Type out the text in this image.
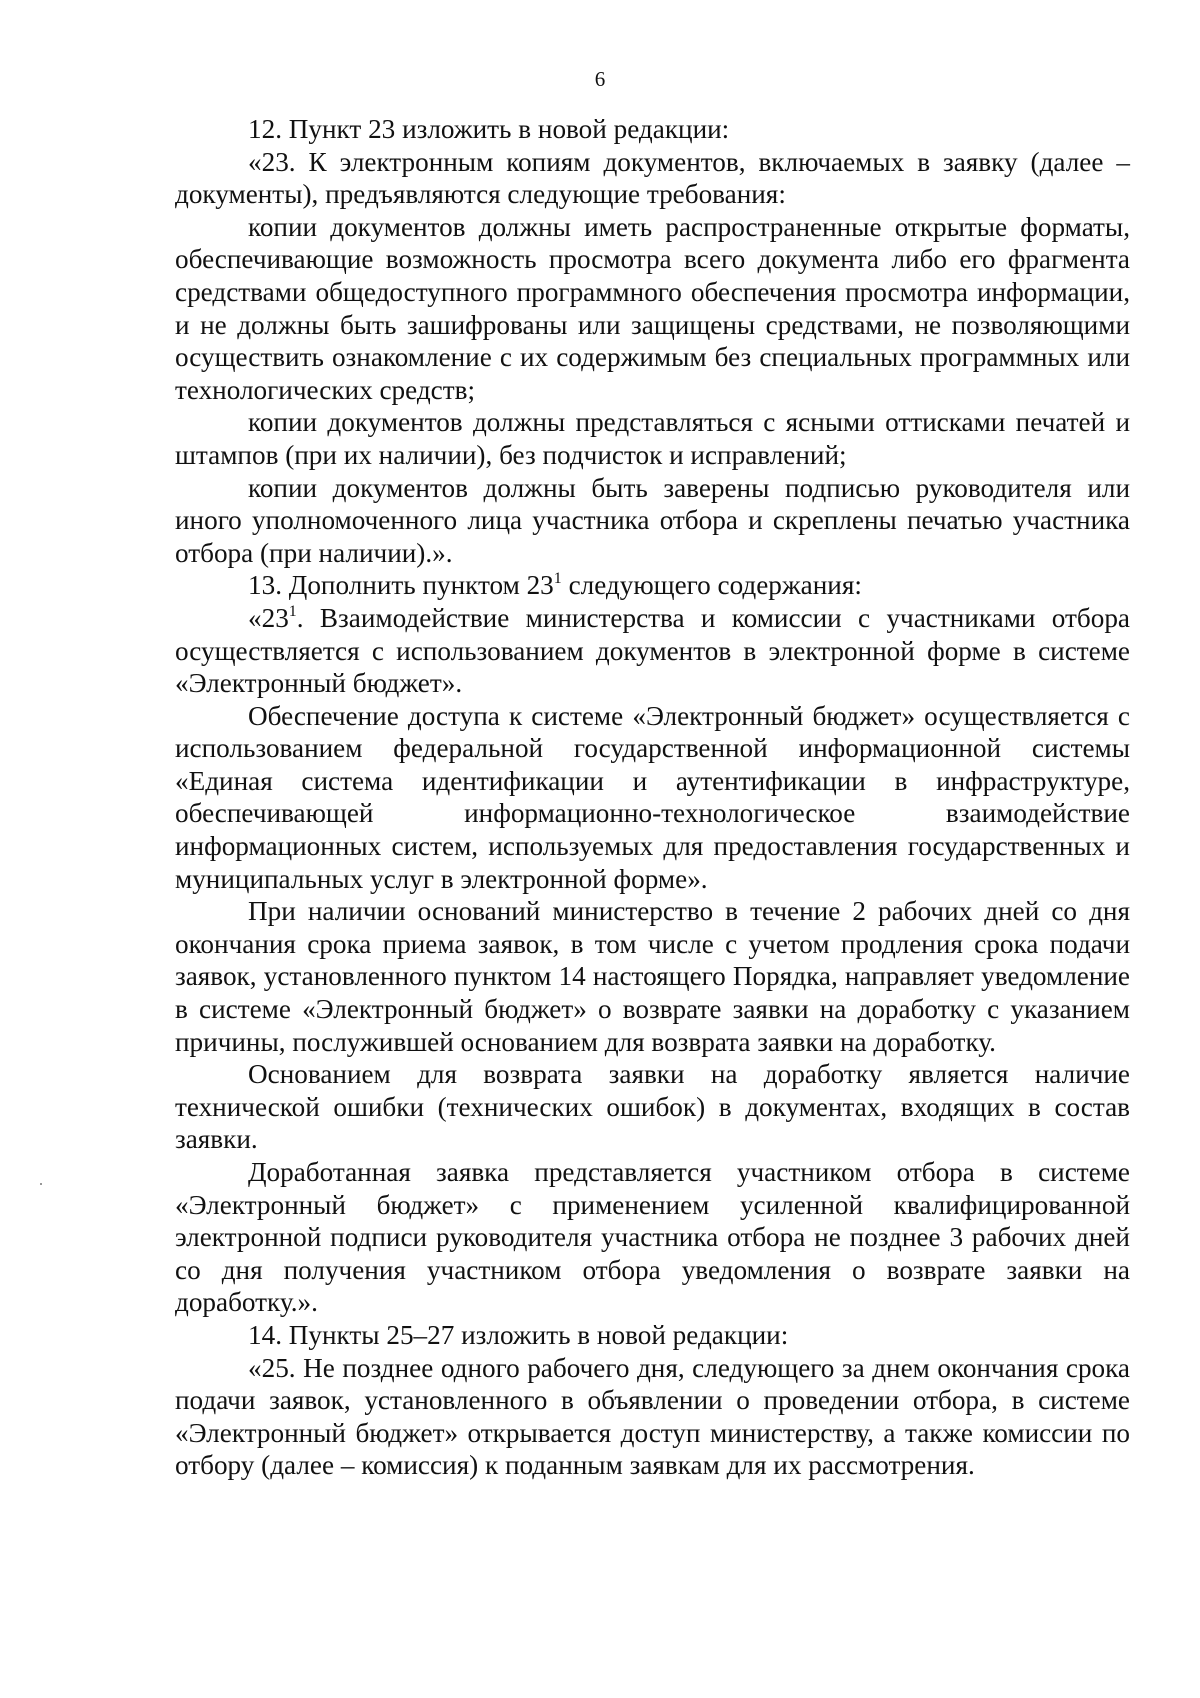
6

12. Пункт 23 изложить в новой редакции:

«23. К электронным копиям документов, включаемых в заявку (далее – документы), предъявляются следующие требования:

копии документов должны иметь распространенные открытые форматы, обеспечивающие возможность просмотра всего документа либо его фрагмента средствами общедоступного программного обеспечения просмотра информации, и не должны быть зашифрованы или защищены средствами, не позволяющими осуществить ознакомление с их содержимым без специальных программных или технологических средств;

копии документов должны представляться с ясными оттисками печатей и штампов (при их наличии), без подчисток и исправлений;

копии документов должны быть заверены подписью руководителя или иного уполномоченного лица участника отбора и скреплены печатью участника отбора (при наличии).».

13. Дополнить пунктом $23^1$ следующего содержания:

«$23^1$. Взаимодействие министерства и комиссии с участниками отбора осуществляется с использованием документов в электронной форме в системе «Электронный бюджет».

Обеспечение доступа к системе «Электронный бюджет» осуществляется с использованием федеральной государственной информационной системы «Единая система идентификации и аутентификации в инфраструктуре, обеспечивающей информационно-технологическое взаимодействие информационных систем, используемых для предоставления государственных и муниципальных услуг в электронной форме».

При наличии оснований министерство в течение 2 рабочих дней со дня окончания срока приема заявок, в том числе с учетом продления срока подачи заявок, установленного пунктом 14 настоящего Порядка, направляет уведомление в системе «Электронный бюджет» о возврате заявки на доработку с указанием причины, послужившей основанием для возврата заявки на доработку.

Основанием для возврата заявки на доработку является наличие технической ошибки (технических ошибок) в документах, входящих в состав заявки.

Доработанная заявка представляется участником отбора в системе «Электронный бюджет» с применением усиленной квалифицированной электронной подписи руководителя участника отбора не позднее 3 рабочих дней со дня получения участником отбора уведомления о возврате заявки на доработку.».

14. Пункты 25–27 изложить в новой редакции:

«25. Не позднее одного рабочего дня, следующего за днем окончания срока подачи заявок, установленного в объявлении о проведении отбора, в системе «Электронный бюджет» открывается доступ министерству, а также комиссии по отбору (далее – комиссия) к поданным заявкам для их рассмотрения.
